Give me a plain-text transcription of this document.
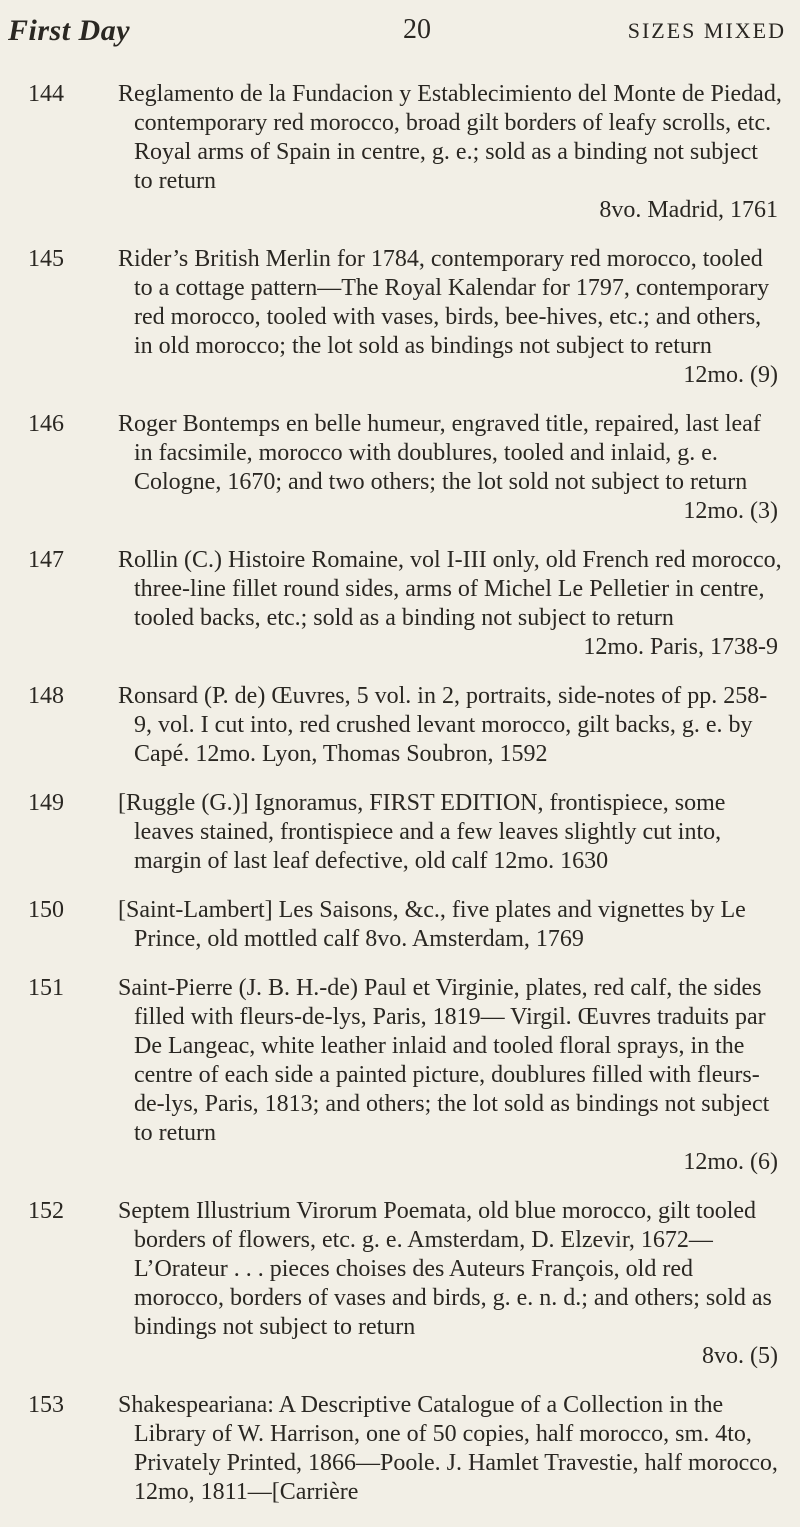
First Day	20	SIZES MIXED
144 Reglamento de la Fundacion y Establecimiento del Monte de Piedad, contemporary red morocco, broad gilt borders of leafy scrolls, etc. Royal arms of Spain in centre, g. e.; sold as a binding not subject to return
8vo. Madrid, 1761
145 Rider’s British Merlin for 1784, contemporary red morocco, tooled to a cottage pattern—The Royal Kalendar for 1797, contemporary red morocco, tooled with vases, birds, bee-hives, etc.; and others, in old morocco; the lot sold as bindings not subject to return
12mo. (9)
146 Roger Bontemps en belle humeur, engraved title, repaired, last leaf in facsimile, morocco with doublures, tooled and inlaid, g. e. Cologne, 1670; and two others; the lot sold not subject to return
12mo. (3)
147 Rollin (C.) Histoire Romaine, vol I-III only, old French red morocco, three-line fillet round sides, arms of Michel Le Pelletier in centre, tooled backs, etc.; sold as a binding not subject to return
12mo. Paris, 1738-9
148 Ronsard (P. de) Œuvres, 5 vol. in 2, portraits, side-notes of pp. 258-9, vol. I cut into, red crushed levant morocco, gilt backs, g. e. by Capé. 12mo. Lyon, Thomas Soubron, 1592
149 [Ruggle (G.)] Ignoramus, FIRST EDITION, frontispiece, some leaves stained, frontispiece and a few leaves slightly cut into, margin of last leaf defective, old calf 12mo. 1630
150 [Saint-Lambert] Les Saisons, &c., five plates and vignettes by Le Prince, old mottled calf 8vo. Amsterdam, 1769
151 Saint-Pierre (J. B. H.-de) Paul et Virginie, plates, red calf, the sides filled with fleurs-de-lys, Paris, 1819— Virgil. Œuvres traduits par De Langeac, white leather inlaid and tooled floral sprays, in the centre of each side a painted picture, doublures filled with fleurs-de-lys, Paris, 1813; and others; the lot sold as bindings not subject to return
12mo. (6)
152 Septem Illustrium Virorum Poemata, old blue morocco, gilt tooled borders of flowers, etc. g. e. Amsterdam, D. Elzevir, 1672—L’Orateur . . . pieces choises des Auteurs François, old red morocco, borders of vases and birds, g. e. n. d.; and others; sold as bindings not subject to return
8vo. (5)
153 Shakespeariana: A Descriptive Catalogue of a Collection in the Library of W. Harrison, one of 50 copies, half morocco, sm. 4to, Privately Printed, 1866—Poole. J. Hamlet Travestie, half morocco, 12mo, 1811—[Carrière
